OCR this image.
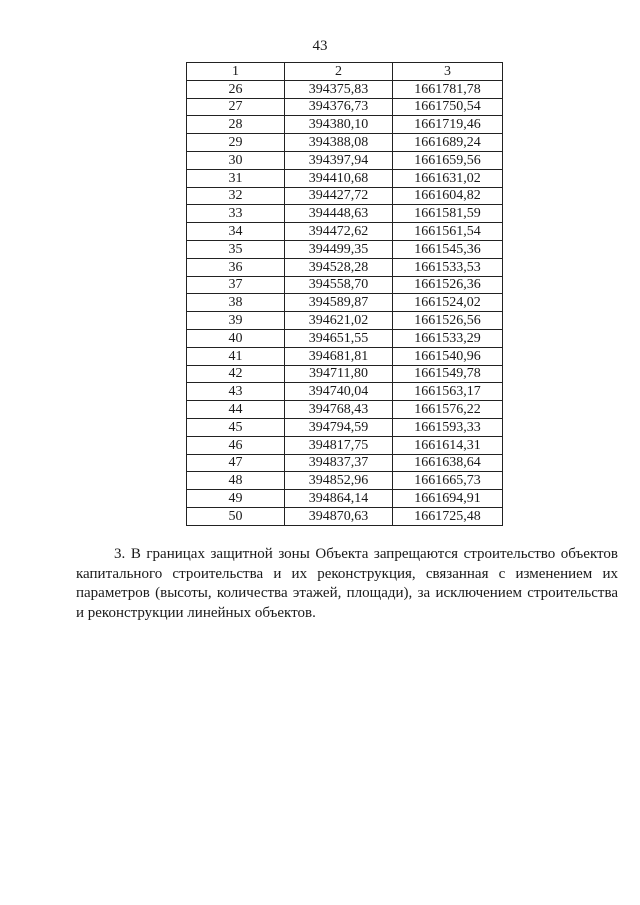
43
1	2	3
26	394375,83	1661781,78
27	394376,73	1661750,54
28	394380,10	1661719,46
29	394388,08	1661689,24
30	394397,94	1661659,56
31	394410,68	1661631,02
32	394427,72	1661604,82
33	394448,63	1661581,59
34	394472,62	1661561,54
35	394499,35	1661545,36
36	394528,28	1661533,53
37	394558,70	1661526,36
38	394589,87	1661524,02
39	394621,02	1661526,56
40	394651,55	1661533,29
41	394681,81	1661540,96
42	394711,80	1661549,78
43	394740,04	1661563,17
44	394768,43	1661576,22
45	394794,59	1661593,33
46	394817,75	1661614,31
47	394837,37	1661638,64
48	394852,96	1661665,73
49	394864,14	1661694,91
50	394870,63	1661725,48
3. В границах защитной зоны Объекта запрещаются строительство объектов капитального строительства и их реконструкция, связанная с изменением их параметров (высоты, количества этажей, площади), за исключением строительства и реконструкции линейных объектов.
